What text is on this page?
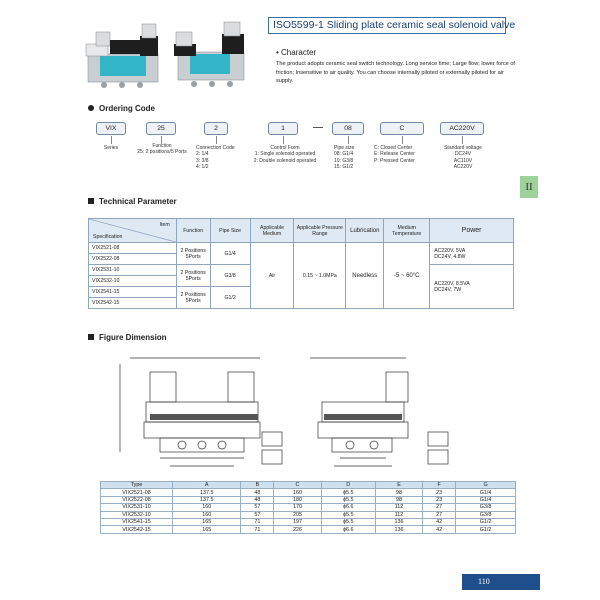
ISO5599-1 Sliding plate ceramic seal solenoid valve
• Character
The product adopts ceramic seal switch technology. Long service time; Large flow; lower force of friction; Insensitive to air quality. You can choose internally piloted or externally piloted for air supply.
Ordering Code
VIX	25	2	1	08	C	AC220V
Series	Function
25: 2 positions/5 Ports
Connection Code
2: 1/4
3: 3/8
4: 1/2
Control Form
1: Single solenoid operated
2: Double solenoid operated
Pipe size
08: G1/4
10: G3/8
15: G1/2
C: Closed Center
E: Release Center
P: Pressed Center
Standard voltage
DC24V
AC110V
AC220V
II
Technical Parameter
Item
Specification	Function	Pipe Size	Applicable Medium	Applicable Pressure Range	Lubrication	Medium Temperature	Power
VIX2521-08	2 Positions 5Ports	G1/4	Air	0.15 ~ 1.0MPa	Needless	-5 ~ 60°C	AC220V, 5VA
DC24V, 4.8W
VIX2522-08							
VIX2531-10	2 Positions 5Ports	G3/8					AC220V, 8.5VA
DC24V, 7W
VIX2532-10							
VIX2541-15	2 Positions 5Ports	G1/2					
VIX2542-15							
Figure Dimension
Type	A	B	C	D	E	F	G
VIX2521-08	137.5	48	160	ϕ5.5	98	23	G1/4
VIX2522-08	137.5	48	180	ϕ5.5	98	23	G1/4
VIX2531-10	160	57	170	ϕ6.6	112	27	G3/8
VIX2532-10	160	57	205	ϕ5.5	112	27	G3/8
VIX2541-15	165	71	197	ϕ5.5	136	42	G1/2
VIX2542-15	165	71	226	ϕ6.6	136	42	G1/2
110
